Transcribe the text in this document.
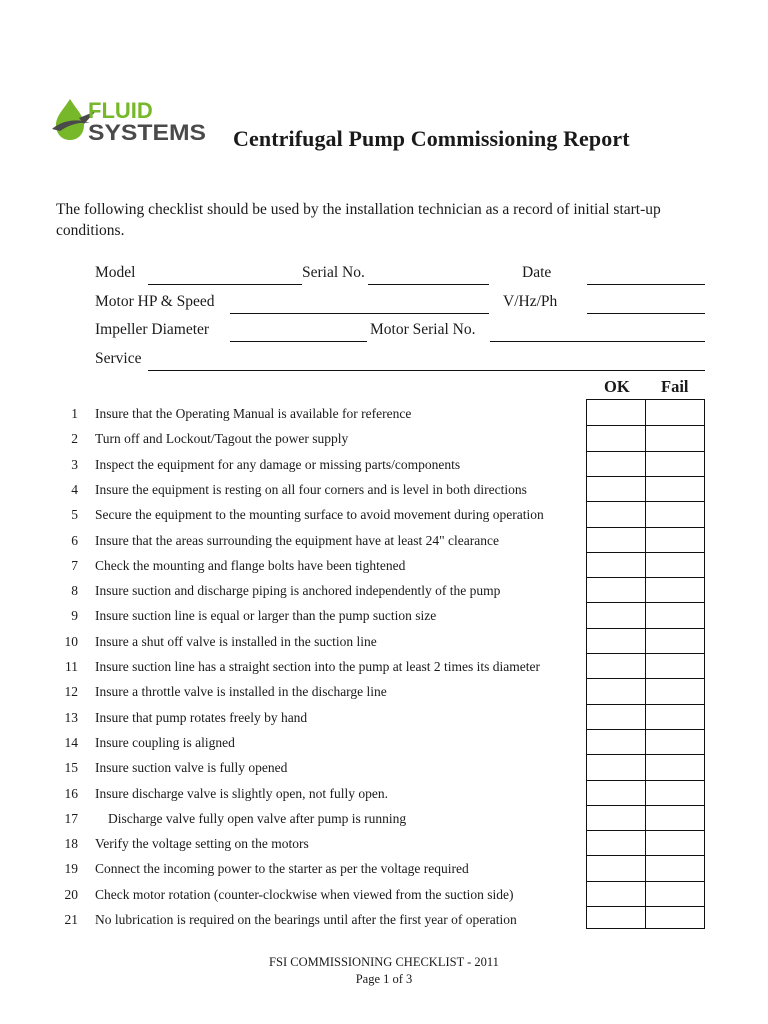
FLUID
SYSTEMS Centrifugal Pump Commissioning Report
The following checklist should be used by the installation technician as a record of initial start-up conditions.
Model	Serial No.	Date
Motor HP & Speed	V/Hz/Ph
Impeller Diameter	Motor Serial No.
Service
OK Fail
1 Insure that the Operating Manual is available for reference
2 Turn off and Lockout/Tagout the power supply
3 Inspect the equipment for any damage or missing parts/components
4 Insure the equipment is resting on all four corners and is level in both directions
5 Secure the equipment to the mounting surface to avoid movement during operation
6 Insure that the areas surrounding the equipment have at least 24" clearance
7 Check the mounting and flange bolts have been tightened
8 Insure suction and discharge piping is anchored independently of the pump
9 Insure suction line is equal or larger than the pump suction size
10 Insure a shut off valve is installed in the suction line
11 Insure suction line has a straight section into the pump at least 2 times its diameter
12 Insure a throttle valve is installed in the discharge line
13 Insure that pump rotates freely by hand
14 Insure coupling is aligned
15 Insure suction valve is fully opened
16 Insure discharge valve is slightly open, not fully open.
17 Discharge valve fully open valve after pump is running
18 Verify the voltage setting on the motors
19 Connect the incoming power to the starter as per the voltage required
20 Check motor rotation (counter-clockwise when viewed from the suction side)
21 No lubrication is required on the bearings until after the first year of operation
FSI COMMISSIONING CHECKLIST - 2011
Page 1 of 3
